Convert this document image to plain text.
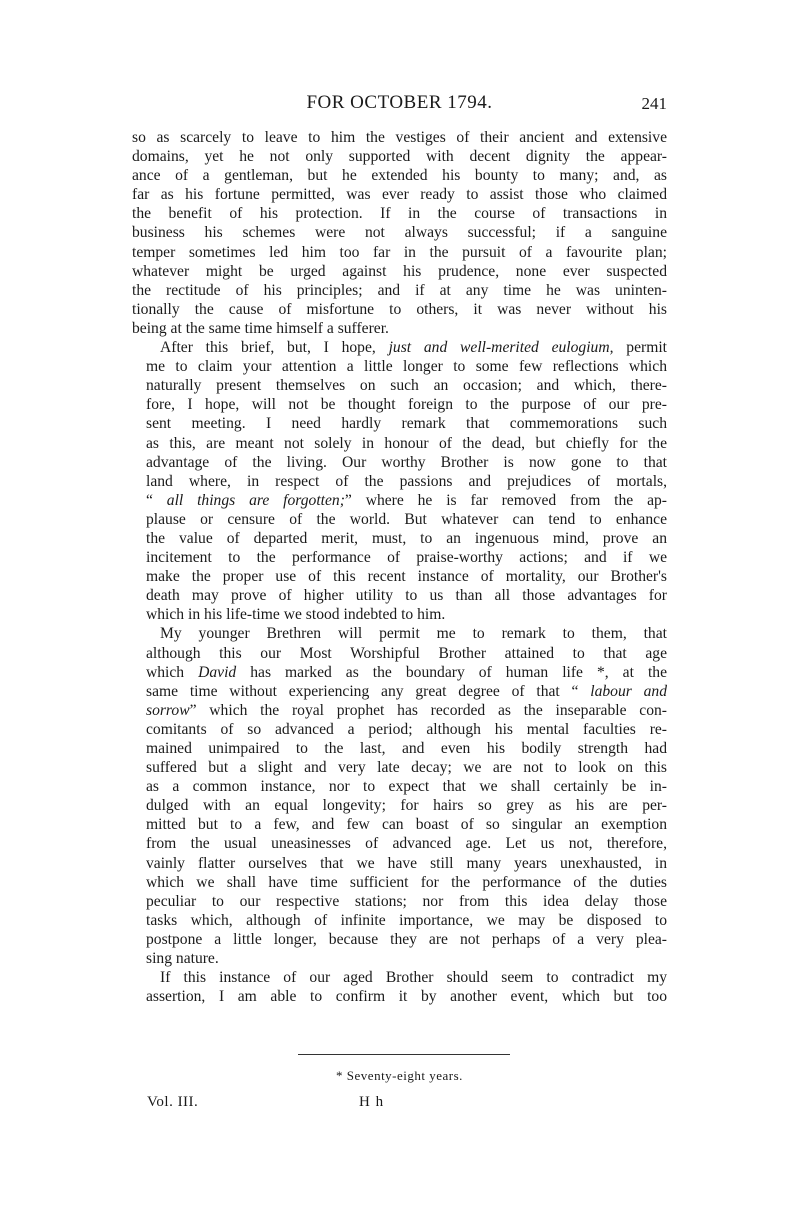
FOR OCTOBER 1794.	241

so as scarcely to leave to him the vestiges of their ancient and extensive
domains, yet he not only supported with decent dignity the appear-
ance of a gentleman, but he extended his bounty to many; and, as
far as his fortune permitted, was ever ready to assist those who claimed
the benefit of his protection. If in the course of transactions in
business his schemes were not always successful; if a sanguine
temper sometimes led him too far in the pursuit of a favourite plan;
whatever might be urged against his prudence, none ever suspected
the rectitude of his principles; and if at any time he was uninten-
tionally the cause of misfortune to others, it was never without his
being at the same time himself a sufferer.

After this brief, but, I hope, just and well-merited eulogium, permit
me to claim your attention a little longer to some few reflections which
naturally present themselves on such an occasion; and which, there-
fore, I hope, will not be thought foreign to the purpose of our pre-
sent meeting. I need hardly remark that commemorations such
as this, are meant not solely in honour of the dead, but chiefly for the
advantage of the living. Our worthy Brother is now gone to that
land where, in respect of the passions and prejudices of mortals,
“ all things are forgotten;” where he is far removed from the ap-
plause or censure of the world. But whatever can tend to enhance
the value of departed merit, must, to an ingenuous mind, prove an
incitement to the performance of praise-worthy actions; and if we
make the proper use of this recent instance of mortality, our Brother's
death may prove of higher utility to us than all those advantages for
which in his life-time we stood indebted to him.

My younger Brethren will permit me to remark to them, that
although this our Most Worshipful Brother attained to that age
which David has marked as the boundary of human life *, at the
same time without experiencing any great degree of that “ labour and
sorrow” which the royal prophet has recorded as the inseparable con-
comitants of so advanced a period; although his mental faculties re-
mained unimpaired to the last, and even his bodily strength had
suffered but a slight and very late decay; we are not to look on this
as a common instance, nor to expect that we shall certainly be in-
dulged with an equal longevity; for hairs so grey as his are per-
mitted but to a few, and few can boast of so singular an exemption
from the usual uneasinesses of advanced age. Let us not, therefore,
vainly flatter ourselves that we have still many years unexhausted, in
which we shall have time sufficient for the performance of the duties
peculiar to our respective stations; nor from this idea delay those
tasks which, although of infinite importance, we may be disposed to
postpone a little longer, because they are not perhaps of a very plea-
sing nature.

If this instance of our aged Brother should seem to contradict my
assertion, I am able to confirm it by another event, which but too

* Seventy-eight years.
Vol. III.	H h
